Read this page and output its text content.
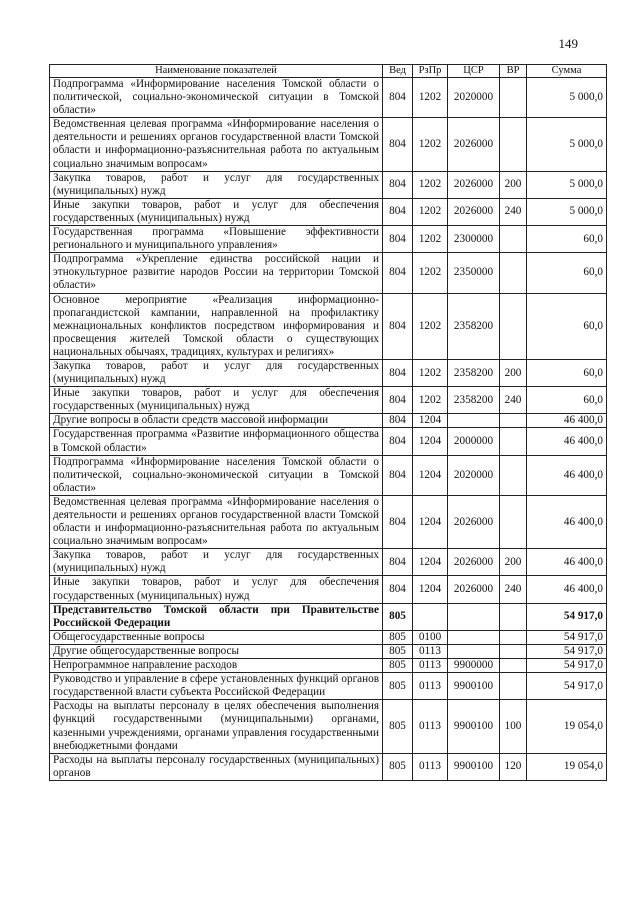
149
Наименование показателей	Вед	РзПр	ЦСР	ВР	Сумма
Подпрограмма «Информирование населения Томской области о политической, социально-экономической ситуации в Томской области»	804	1202	2020000		5 000,0
Ведомственная целевая программа «Информирование населения о деятельности и решениях органов государственной власти Томской области и информационно-разъяснительная работа по актуальным социально значимым вопросам»	804	1202	2026000		5 000,0
Закупка товаров, работ и услуг для государственных (муниципальных) нужд	804	1202	2026000	200	5 000,0
Иные закупки товаров, работ и услуг для обеспечения государственных (муниципальных) нужд	804	1202	2026000	240	5 000,0
Государственная программа «Повышение эффективности регионального и муниципального управления»	804	1202	2300000		60,0
Подпрограмма «Укрепление единства российской нации и этнокультурное развитие народов России на территории Томской области»	804	1202	2350000		60,0
Основное мероприятие «Реализация информационно-пропагандистской кампании, направленной на профилактику межнациональных конфликтов посредством информирования и просвещения жителей Томской области о существующих национальных обычаях, традициях, культурах и религиях»	804	1202	2358200		60,0
Закупка товаров, работ и услуг для государственных (муниципальных) нужд	804	1202	2358200	200	60,0
Иные закупки товаров, работ и услуг для обеспечения государственных (муниципальных) нужд	804	1202	2358200	240	60,0
Другие вопросы в области средств массовой информации	804	1204			46 400,0
Государственная программа «Развитие информационного общества в Томской области»	804	1204	2000000		46 400,0
Подпрограмма «Информирование населения Томской области о политической, социально-экономической ситуации в Томской области»	804	1204	2020000		46 400,0
Ведомственная целевая программа «Информирование населения о деятельности и решениях органов государственной власти Томской области и информационно-разъяснительная работа по актуальным социально значимым вопросам»	804	1204	2026000		46 400,0
Закупка товаров, работ и услуг для государственных (муниципальных) нужд	804	1204	2026000	200	46 400,0
Иные закупки товаров, работ и услуг для обеспечения государственных (муниципальных) нужд	804	1204	2026000	240	46 400,0
Представительство Томской области при Правительстве Российской Федерации	805				54 917,0
Общегосударственные вопросы	805	0100			54 917,0
Другие общегосударственные вопросы	805	0113			54 917,0
Непрограммное направление расходов	805	0113	9900000		54 917,0
Руководство и управление в сфере установленных функций органов государственной власти субъекта Российской Федерации	805	0113	9900100		54 917,0
Расходы на выплаты персоналу в целях обеспечения выполнения функций государственными (муниципальными) органами, казенными учреждениями, органами управления государственными внебюджетными фондами	805	0113	9900100	100	19 054,0
Расходы на выплаты персоналу государственных (муниципальных) органов	805	0113	9900100	120	19 054,0
